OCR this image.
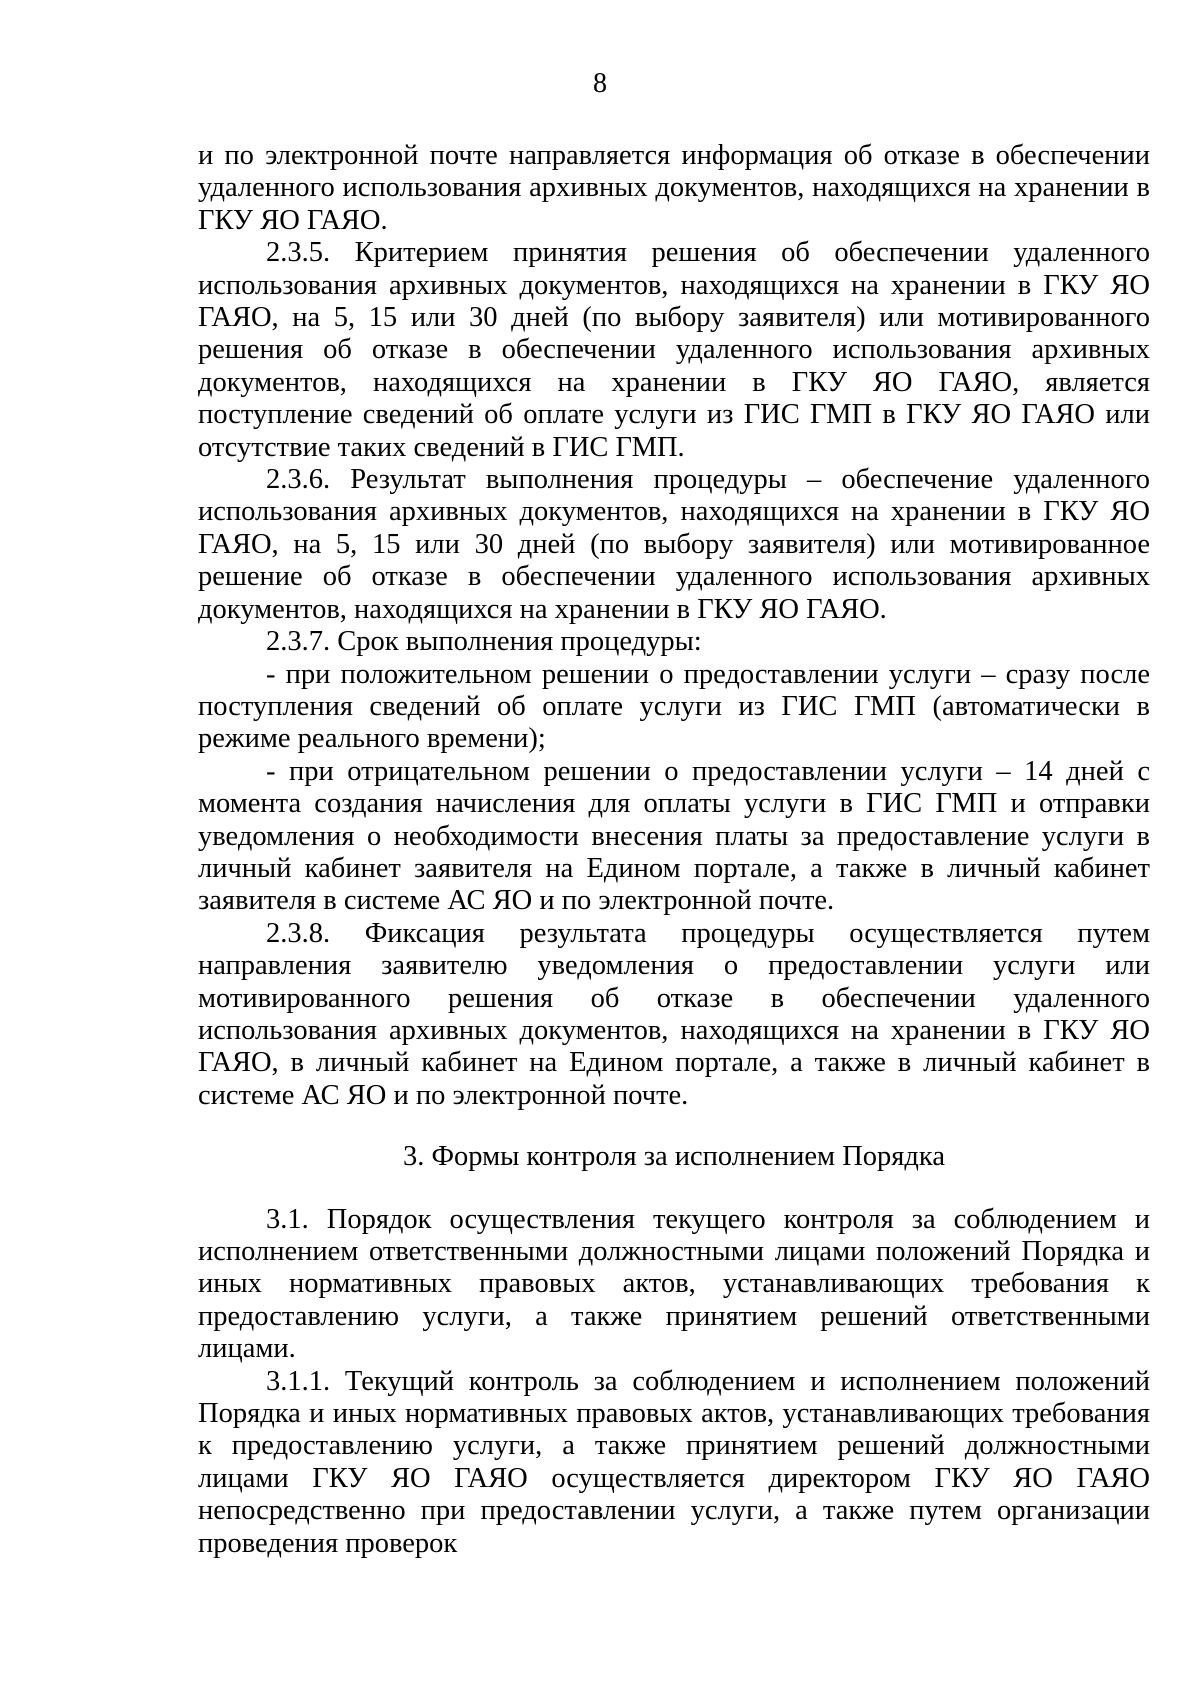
8

и по электронной почте направляется информация об отказе в обеспечении удаленного использования архивных документов, находящихся на хранении в ГКУ ЯО ГАЯО.

2.3.5. Критерием принятия решения об обеспечении удаленного использования архивных документов, находящихся на хранении в ГКУ ЯО ГАЯО, на 5, 15 или 30 дней (по выбору заявителя) или мотивированного решения об отказе в обеспечении удаленного использования архивных документов, находящихся на хранении в ГКУ ЯО ГАЯО, является поступление сведений об оплате услуги из ГИС ГМП в ГКУ ЯО ГАЯО или отсутствие таких сведений в ГИС ГМП.

2.3.6. Результат выполнения процедуры – обеспечение удаленного использования архивных документов, находящихся на хранении в ГКУ ЯО ГАЯО, на 5, 15 или 30 дней (по выбору заявителя) или мотивированное решение об отказе в обеспечении удаленного использования архивных документов, находящихся на хранении в ГКУ ЯО ГАЯО.

2.3.7. Срок выполнения процедуры:

- при положительном решении о предоставлении услуги – сразу после поступления сведений об оплате услуги из ГИС ГМП (автоматически в режиме реального времени);

- при отрицательном решении о предоставлении услуги – 14 дней с момента создания начисления для оплаты услуги в ГИС ГМП и отправки уведомления о необходимости внесения платы за предоставление услуги в личный кабинет заявителя на Едином портале, а также в личный кабинет заявителя в системе АС ЯО и по электронной почте.

2.3.8. Фиксация результата процедуры осуществляется путем направления заявителю уведомления о предоставлении услуги или мотивированного решения об отказе в обеспечении удаленного использования архивных документов, находящихся на хранении в ГКУ ЯО ГАЯО, в личный кабинет на Едином портале, а также в личный кабинет в системе АС ЯО и по электронной почте.

3. Формы контроля за исполнением Порядка

3.1. Порядок осуществления текущего контроля за соблюдением и исполнением ответственными должностными лицами положений Порядка и иных нормативных правовых актов, устанавливающих требования к предоставлению услуги, а также принятием решений ответственными лицами.

3.1.1. Текущий контроль за соблюдением и исполнением положений Порядка и иных нормативных правовых актов, устанавливающих требования к предоставлению услуги, а также принятием решений должностными лицами ГКУ ЯО ГАЯО осуществляется директором ГКУ ЯО ГАЯО непосредственно при предоставлении услуги, а также путем организации проведения проверок
